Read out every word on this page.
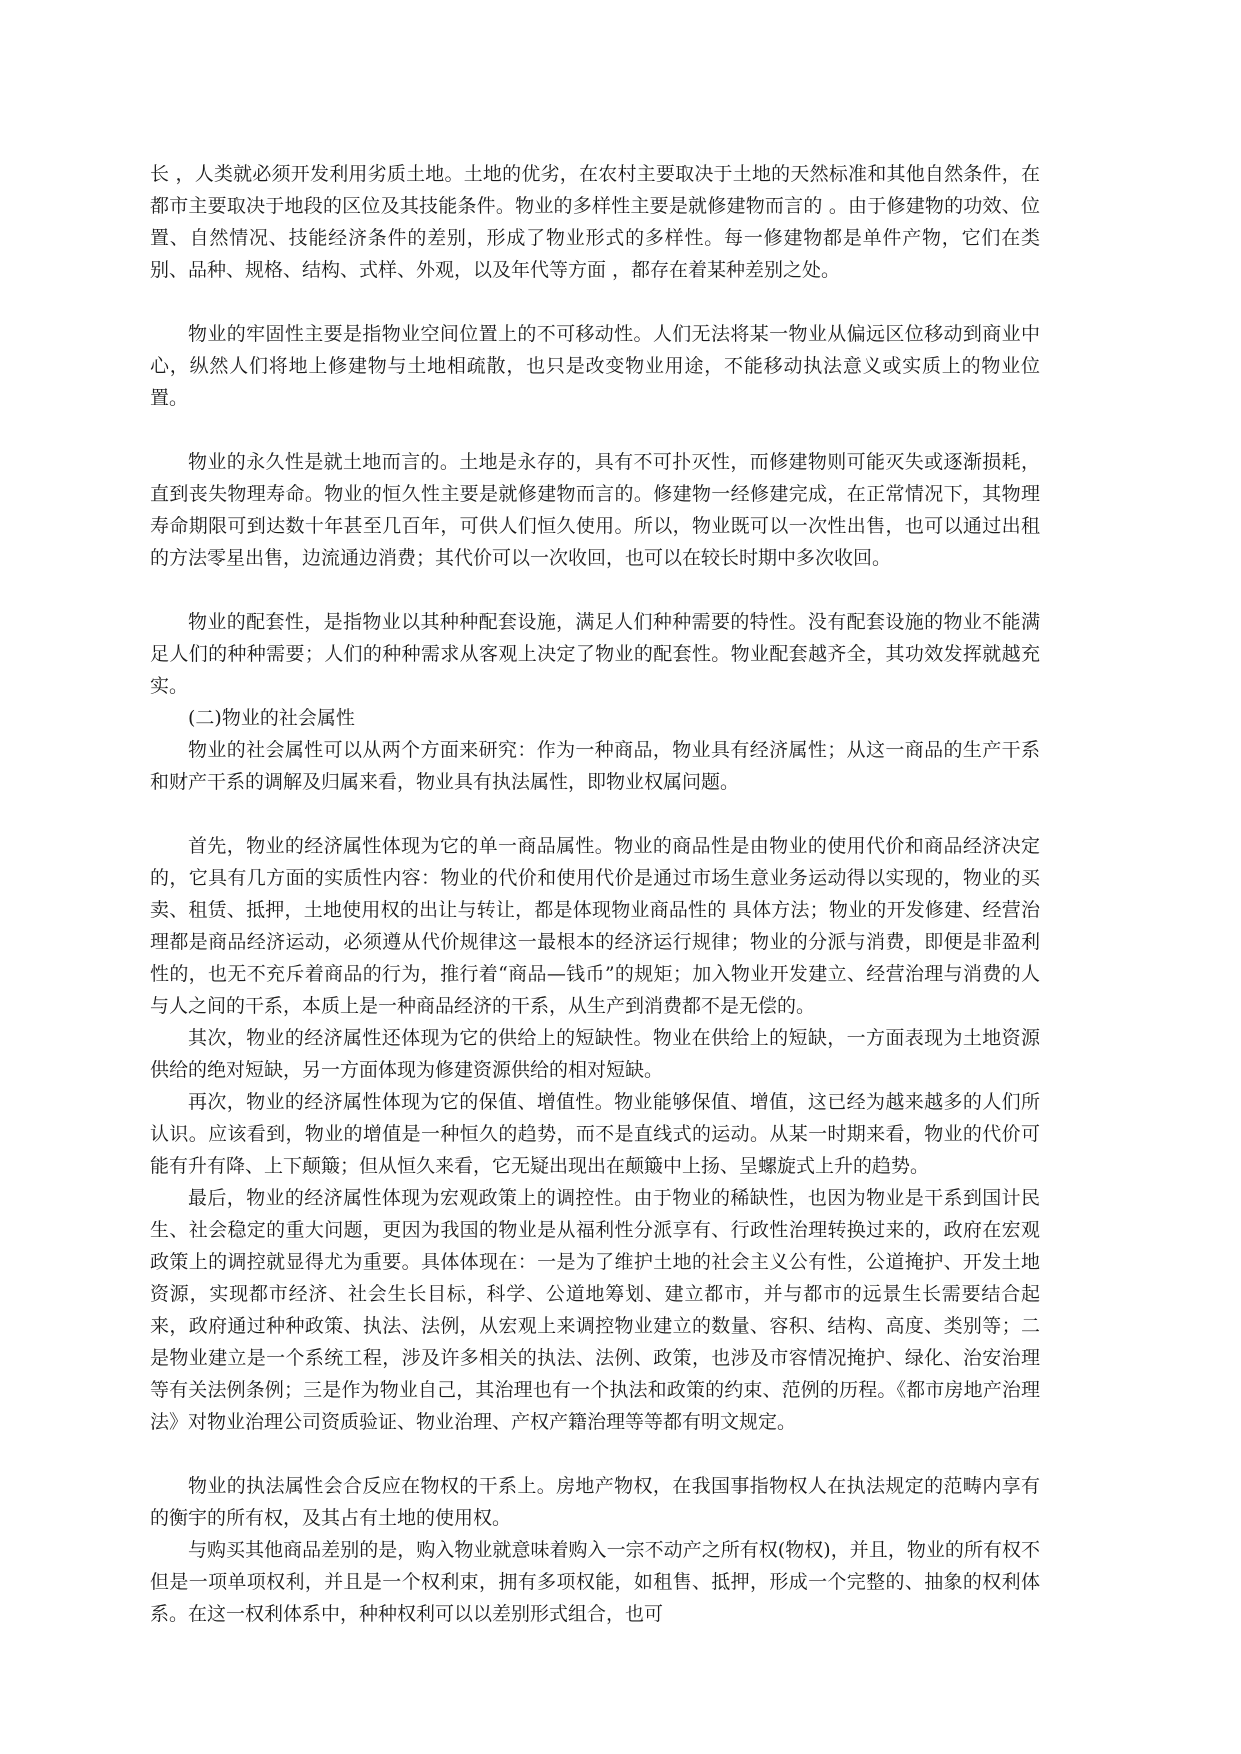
长 ，人类就必须开发利用劣质土地。土地的优劣，在农村主要取决于土地的天然标准和其他自然条件，在都市主要取决于地段的区位及其技能条件。物业的多样性主要是就修建物而言的 。由于修建物的功效、位置、自然情况、技能经济条件的差别，形成了物业形式的多样性。每一修建物都是单件产物，它们在类别、品种、规格、结构、式样、外观，以及年代等方面 ，都存在着某种差别之处。

物业的牢固性主要是指物业空间位置上的不可移动性。人们无法将某一物业从偏远区位移动到商业中心，纵然人们将地上修建物与土地相疏散，也只是改变物业用途，不能移动执法意义或实质上的物业位置。

物业的永久性是就土地而言的。土地是永存的，具有不可扑灭性，而修建物则可能灭失或逐渐损耗，直到丧失物理寿命。物业的恒久性主要是就修建物而言的。修建物一经修建完成，在正常情况下，其物理寿命期限可到达数十年甚至几百年，可供人们恒久使用。所以，物业既可以一次性出售，也可以通过出租的方法零星出售，边流通边消费；其代价可以一次收回，也可以在较长时期中多次收回。

物业的配套性，是指物业以其种种配套设施，满足人们种种需要的特性。没有配套设施的物业不能满足人们的种种需要；人们的种种需求从客观上决定了物业的配套性。物业配套越齐全，其功效发挥就越充实。

(二)物业的社会属性

物业的社会属性可以从两个方面来研究：作为一种商品，物业具有经济属性；从这一商品的生产干系和财产干系的调解及归属来看，物业具有执法属性，即物业权属问题。

首先，物业的经济属性体现为它的单一商品属性。物业的商品性是由物业的使用代价和商品经济决定的，它具有几方面的实质性内容：物业的代价和使用代价是通过市场生意业务运动得以实现的，物业的买卖、租赁、抵押，土地使用权的出让与转让，都是体现物业商品性的 具体方法；物业的开发修建、经营治理都是商品经济运动，必须遵从代价规律这一最根本的经济运行规律；物业的分派与消费，即便是非盈利性的，也无不充斥着商品的行为，推行着“商品—钱币”的规矩；加入物业开发建立、经营治理与消费的人与人之间的干系，本质上是一种商品经济的干系，从生产到消费都不是无偿的。

其次，物业的经济属性还体现为它的供给上的短缺性。物业在供给上的短缺，一方面表现为土地资源供给的绝对短缺，另一方面体现为修建资源供给的相对短缺。

再次，物业的经济属性体现为它的保值、增值性。物业能够保值、增值，这已经为越来越多的人们所认识。应该看到，物业的增值是一种恒久的趋势，而不是直线式的运动。从某一时期来看，物业的代价可能有升有降、上下颠簸；但从恒久来看，它无疑出现出在颠簸中上扬、呈螺旋式上升的趋势。

最后，物业的经济属性体现为宏观政策上的调控性。由于物业的稀缺性，也因为物业是干系到国计民生、社会稳定的重大问题，更因为我国的物业是从福利性分派享有、行政性治理转换过来的，政府在宏观政策上的调控就显得尤为重要。具体体现在：一是为了维护土地的社会主义公有性，公道掩护、开发土地资源，实现都市经济、社会生长目标，科学、公道地筹划、建立都市，并与都市的远景生长需要结合起来，政府通过种种政策、执法、法例，从宏观上来调控物业建立的数量、容积、结构、高度、类别等；二是物业建立是一个系统工程，涉及许多相关的执法、法例、政策，也涉及市容情况掩护、绿化、治安治理等有关法例条例；三是作为物业自己，其治理也有一个执法和政策的约束、范例的历程。《都市房地产治理法》对物业治理公司资质验证、物业治理、产权产籍治理等等都有明文规定。

物业的执法属性会合反应在物权的干系上。房地产物权，在我国事指物权人在执法规定的范畴内享有的衡宇的所有权，及其占有土地的使用权。

与购买其他商品差别的是，购入物业就意味着购入一宗不动产之所有权(物权)，并且，物业的所有权不但是一项单项权利，并且是一个权利束，拥有多项权能，如租售、抵押，形成一个完整的、抽象的权利体系。在这一权利体系中，种种权利可以以差别形式组合，也可
